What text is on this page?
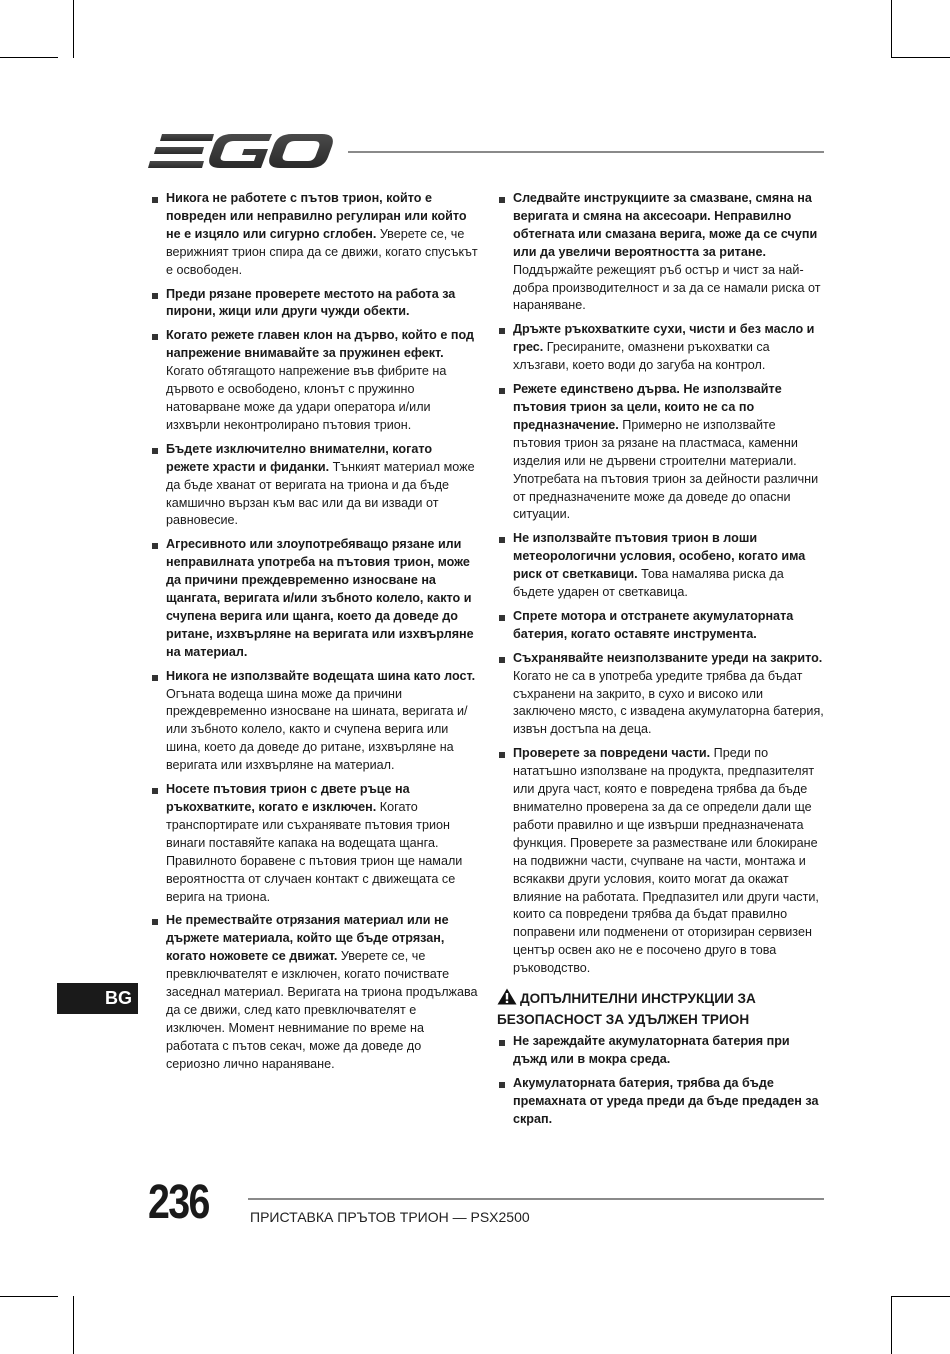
Никога не работете с пътов трион, който е повреден или неправилно регулиран или който не е изцяло или сигурно сглобен. Уверете се, че верижният трион спира да се движи, когато спусъкът е освободен.
Преди рязане проверете местото на работа за пирони, жици или други чужди обекти.
Когато режете главен клон на дървo, който е под напрежение внимавайте за пружинен ефект. Когато обтягащото напрежение във фибрите на дървото е освободено, клонът с пружинно натоварване може да удари оператора и/или изхвърли неконтролирано пътовия трион.
Бъдете изключително внимателни, когато режете храсти и фиданки. Тънкият материал може да бъде хванат от веригата на триона и да бъде камшично вързан към вас или да ви извади от равновесие.
Агресивното или злоупотребяващо рязане или неправилната употреба на пътовия трион, може да причини преждевременно износване на щангата, веригата и/или зъбното колело, както и счупена верига или щанга, което да доведе до ритане, изхвърляне на веригата или изхвърляне на материал.
Никога не използвайте водещата шина като лост. Огънатa водеща шина може да причини преждевременно износване на шината, веригата и/или зъбното колело, както и счупена верига или шина, което да доведе до ритане, изхвърляне на веригата или изхвърляне на материал.
Носете пътовия трион с двете ръце на ръкохватките, когато е изключен. Когато транспортирате или съхранявате пътовия трион винаги поставяйте капака на водещата щанга. Правилното боравене с пътовия трион ще намали вероятността от случаен контакт с движещата се верига на триона.
Не премествайте отрязания материал или не държете материала, който ще бъде отрязан, когато ножовете се движат. Уверете се, че превключвателят е изключен, когато почиствате заседнал материал. Веригата на триона продължава да се движи, след като превключвателят е изключен. Момент невнимание по време на работата с пътов секач, може да доведе до сериозно лично нараняване.
Следвайте инструкциите за смазване, смяна на веригата и смяна на аксесоари. Неправилно обтегната или смазана верига, може да се счупи или да увеличи вероятността за ритане. Поддържайте режещият ръб остър и чист за най-добра производителност и за да се намали риска от нараняване.
Дръжте ръкохватките сухи, чисти и без масло и грес. Гресираните, омазнени ръкохватки са хлъзгави, което води до загуба на контрол.
Режете единствено дърва. Не използвайте пътовия трион за цели, които не са по предназначение. Примерно не използвайте пътовия трион за рязане на пластмаса, каменни изделия или не дървени строителни материали. Употребата на пътовия трион за дейности различни от предназначените може да доведе до опасни ситуации.
Не използвайте пътовия трион в лоши метеорологични условия, особено, когато има риск от светкавици. Това намалява риска да бъдете ударен от светкавица.
Спрете мотора и отстранете акумулаторната батерия, когато оставяте инструмента.
Съхранявайте неизползваните уреди на закрито. Когато не са в употреба уредите трябва да бъдат съхранени на закрито, в сухо и високо или заключено място, с извадена акумулаторна батерия, извън достъпа на деца.
Проверете за повредени части. Преди по нататъшно използване на продукта, предпазителят или друга част, която е повредена трябва да бъде внимателно проверена за да се определи дали ще работи правилно и ще извърши предназначената функция. Проверете за разместване или блокиране на подвижни части, счупване на части, монтажа и всякакви други условия, които могат да окажат влияние на работата. Предпазител или други части, които са повредени трябва да бъдат правилно поправени или подменени от оторизиран сервизен център освен ако не е посочено друго в това ръководство.
ДОПЪЛНИТЕЛНИ ИНСТРУКЦИИ ЗА БЕЗОПАСНОСТ ЗА УДЪЛЖЕН ТРИОН
Не зареждайте акумулаторната батерия при дъжд или в мокра среда.
Акумулаторната батерия, трябва да бъде премахната от уреда преди да бъде предаден за скрап.
BG
236	ПРИСТАВКА ПРЪТОВ ТРИОН — PSX2500
